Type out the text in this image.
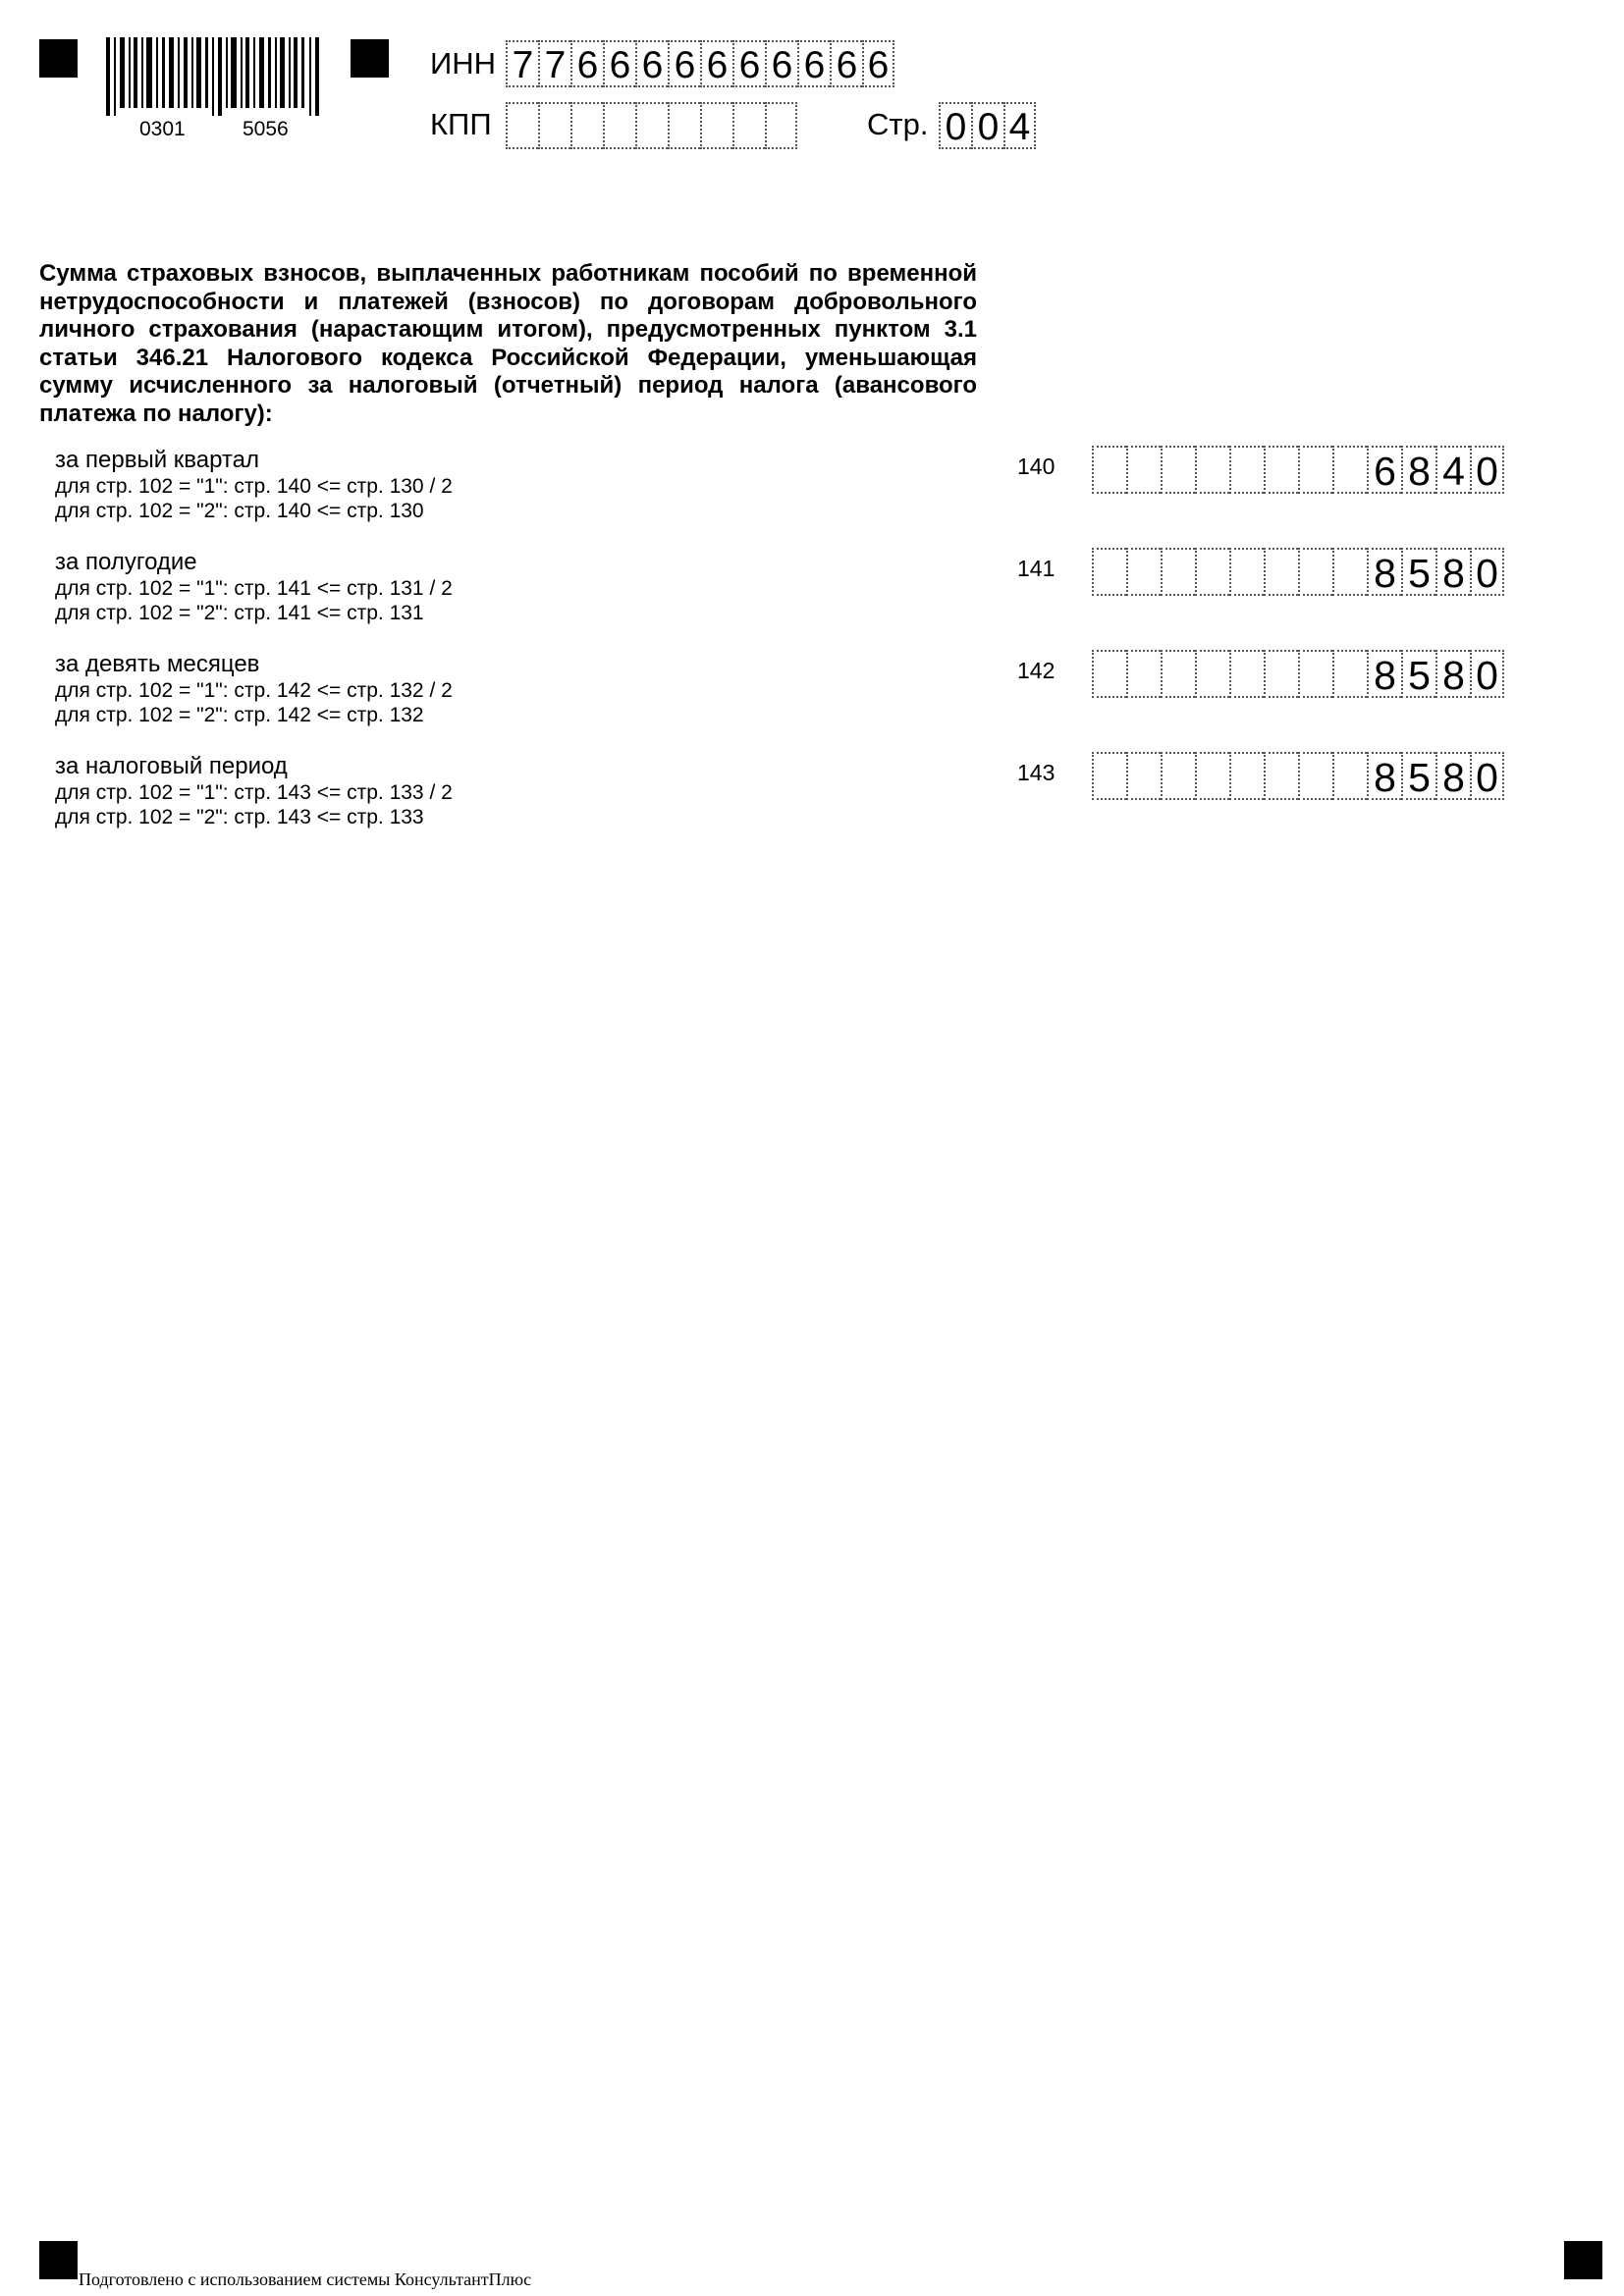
0301	5056
ИНН 7 7 6 6 6 6 6 6 6 6 6 6
КПП	Стр. 0 0 4
Сумма страховых взносов, выплаченных работникам пособий по временной нетрудоспособности и платежей (взносов) по договорам добровольного личного страхования (нарастающим итогом), предусмотренных пунктом 3.1 статьи 346.21 Налогового кодекса Российской Федерации, уменьшающая сумму исчисленного за налоговый (отчетный) период налога (авансового платежа по налогу):
за первый квартал
для стр. 102 = "1": стр. 140 <= стр. 130 / 2
для стр. 102 = "2": стр. 140 <= стр. 130
140	6 8 4 0
за полугодие
для стр. 102 = "1": стр. 141 <= стр. 131 / 2
для стр. 102 = "2": стр. 141 <= стр. 131
141	8 5 8 0
за девять месяцев
для стр. 102 = "1": стр. 142 <= стр. 132 / 2
для стр. 102 = "2": стр. 142 <= стр. 132
142	8 5 8 0
за налоговый период
для стр. 102 = "1": стр. 143 <= стр. 133 / 2
для стр. 102 = "2": стр. 143 <= стр. 133
143	8 5 8 0
Подготовлено с использованием системы КонсультантПлюс
